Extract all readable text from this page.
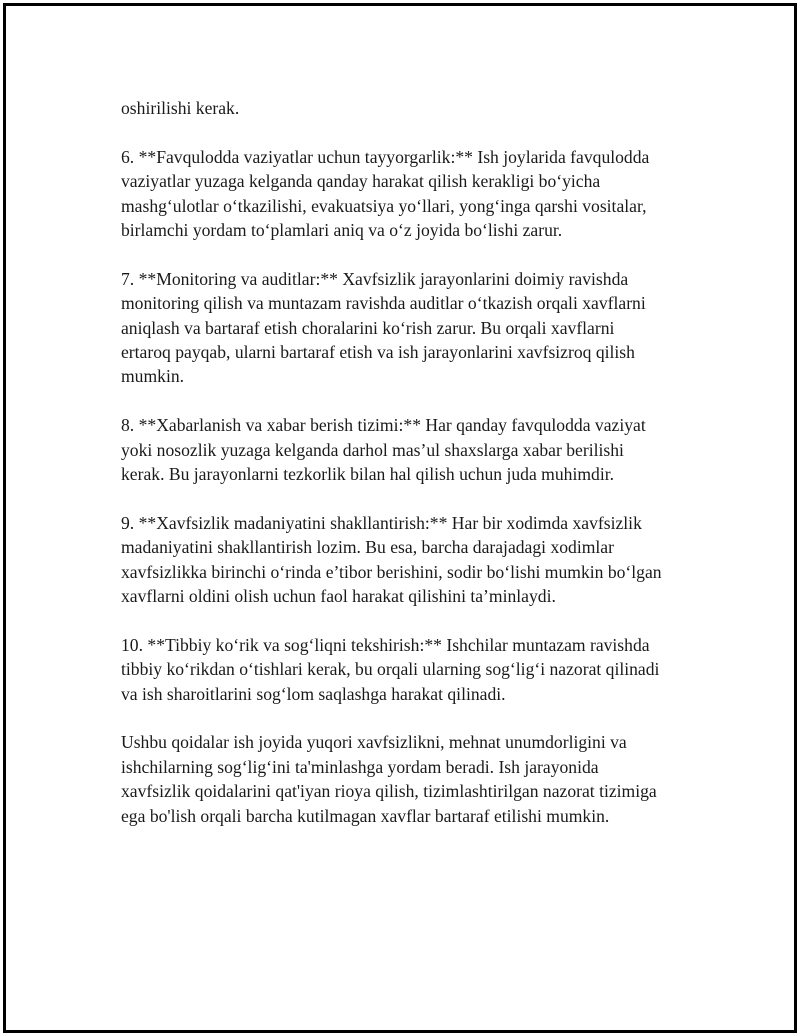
oshirilishi kerak.

6. **Favqulodda vaziyatlar uchun tayyorgarlik:** Ish joylarida favqulodda
vaziyatlar yuzaga kelganda qanday harakat qilish kerakligi bo‘yicha
mashg‘ulotlar o‘tkazilishi, evakuatsiya yo‘llari, yong‘inga qarshi vositalar,
birlamchi yordam to‘plamlari aniq va o‘z joyida bo‘lishi zarur.

7. **Monitoring va auditlar:** Xavfsizlik jarayonlarini doimiy ravishda
monitoring qilish va muntazam ravishda auditlar o‘tkazish orqali xavflarni
aniqlash va bartaraf etish choralarini ko‘rish zarur. Bu orqali xavflarni
ertaroq payqab, ularni bartaraf etish va ish jarayonlarini xavfsizroq qilish
mumkin.

8. **Xabarlanish va xabar berish tizimi:** Har qanday favqulodda vaziyat
yoki nosozlik yuzaga kelganda darhol mas’ul shaxslarga xabar berilishi
kerak. Bu jarayonlarni tezkorlik bilan hal qilish uchun juda muhimdir.

9. **Xavfsizlik madaniyatini shakllantirish:** Har bir xodimda xavfsizlik
madaniyatini shakllantirish lozim. Bu esa, barcha darajadagi xodimlar
xavfsizlikka birinchi o‘rinda e’tibor berishini, sodir bo‘lishi mumkin bo‘lgan
xavflarni oldini olish uchun faol harakat qilishini ta’minlaydi.

10. **Tibbiy ko‘rik va sog‘liqni tekshirish:** Ishchilar muntazam ravishda
tibbiy ko‘rikdan o‘tishlari kerak, bu orqali ularning sog‘lig‘i nazorat qilinadi
va ish sharoitlarini sog‘lom saqlashga harakat qilinadi.

Ushbu qoidalar ish joyida yuqori xavfsizlikni, mehnat unumdorligini va
ishchilarning sog‘lig‘ini ta'minlashga yordam beradi. Ish jarayonida
xavfsizlik qoidalarini qat'iyan rioya qilish, tizimlashtirilgan nazorat tizimiga
ega bo'lish orqali barcha kutilmagan xavflar bartaraf etilishi mumkin.
